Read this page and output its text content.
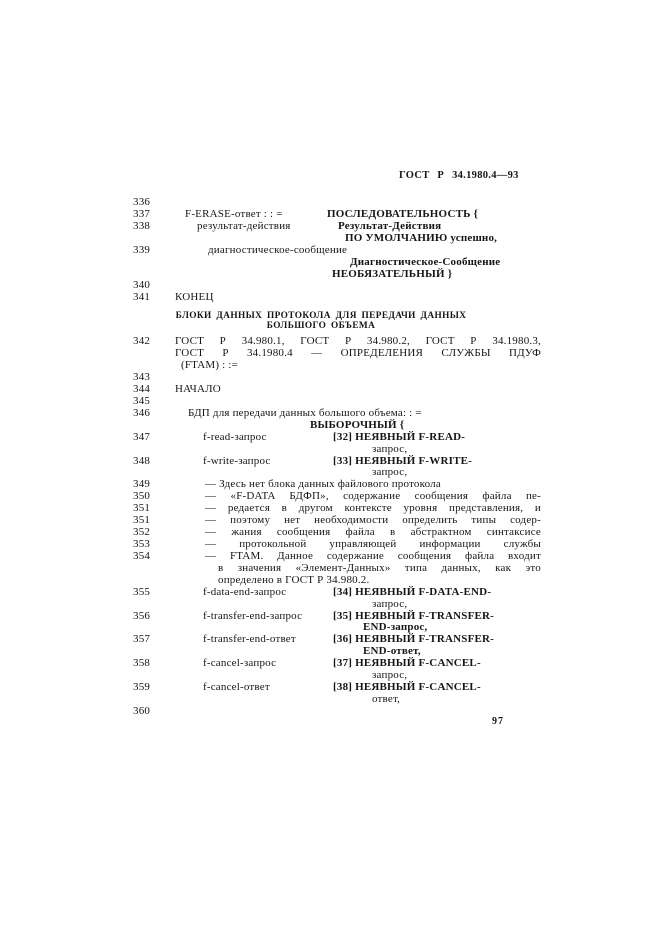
ГОСТ Р 34.1980.4—93
336
337	F-ERASE-ответ : : =	ПОСЛЕДОВАТЕЛЬНОСТЬ {
338	результат-действия	Результат-Действия
ПО УМОЛЧАНИЮ успешно,
339	диагностическое-сообщение
Диагностическое-Сообщение
НЕОБЯЗАТЕЛЬНЫЙ }
340
341 КОНЕЦ
БЛОКИ ДАННЫХ ПРОТОКОЛА ДЛЯ ПЕРЕДАЧИ ДАННЫХ
БОЛЬШОГО ОБЪЕМА
342 ГОСТ Р 34.980.1, ГОСТ Р 34.980.2, ГОСТ Р 34.1980.3,
ГОСТ Р 34.1980.4 — ОПРЕДЕЛЕНИЯ СЛУЖБЫ ПДУФ
(FTAM) : :=
343
344 НАЧАЛО
345
346	БДП для передачи данных большого объема: : =
ВЫБОРОЧНЫЙ {
347	f-read-запрос	[32] НЕЯВНЫЙ F-READ-
запрос,
348	f-write-запрос	[33] НЕЯВНЫЙ F-WRITE-
запрос,
349	— Здесь нет блока данных файлового протокола
350	— «F-DATA БДФП», содержание сообщения файла пе-
351	— редается в другом контексте уровня представления, и
351	— поэтому нет необходимости определить типы содер-
352	— жания сообщения файла в абстрактном синтаксисе
353	— протокольной управляющей информации службы
354	— FTAM. Данное содержание сообщения файла входит
в значения «Элемент-Данных» типа данных, как это
определено в ГОСТ Р 34.980.2.
355	f-data-end-запрос	[34] НЕЯВНЫЙ F-DATA-END-
запрос,
356	f-transfer-end-запрос	[35] НЕЯВНЫЙ F-TRANSFER-
END-запрос,
357	f-transfer-end-ответ	[36] НЕЯВНЫЙ F-TRANSFER-
END-ответ,
358	f-cancel-запрос	[37] НЕЯВНЫЙ F-CANCEL-
запрос,
359	f-cancel-ответ	[38] НЕЯВНЫЙ F-CANCEL-
ответ,
360
97
